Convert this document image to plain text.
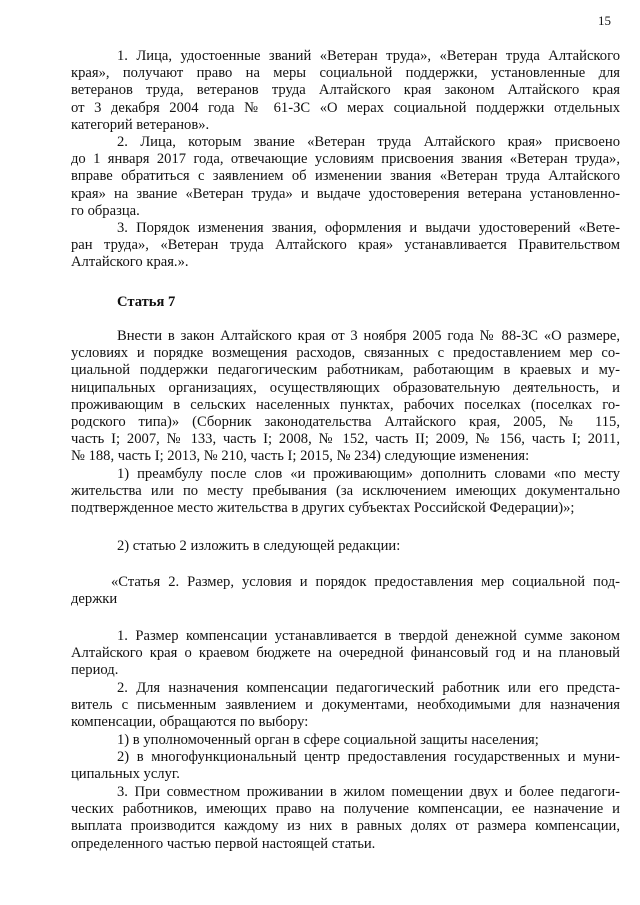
15
1. Лица, удостоенные званий «Ветеран труда», «Ветеран труда Алтайского
края», получают право на меры социальной поддержки, установленные для
ветеранов труда, ветеранов труда Алтайского края законом Алтайского края
от 3 декабря 2004 года № 61-ЗС «О мерах социальной поддержки отдельных
категорий ветеранов».
2. Лица, которым звание «Ветеран труда Алтайского края» присвоено
до 1 января 2017 года, отвечающие условиям присвоения звания «Ветеран труда»,
вправе обратиться с заявлением об изменении звания «Ветеран труда Алтайского
края» на звание «Ветеран труда» и выдаче удостоверения ветерана установленно-
го образца.
3. Порядок изменения звания, оформления и выдачи удостоверений «Вете-
ран труда», «Ветеран труда Алтайского края» устанавливается Правительством
Алтайского края.».
Статья 7
Внести в закон Алтайского края от 3 ноября 2005 года № 88-ЗС «О размере,
условиях и порядке возмещения расходов, связанных с предоставлением мер со-
циальной поддержки педагогическим работникам, работающим в краевых и му-
ниципальных организациях, осуществляющих образовательную деятельность, и
проживающим в сельских населенных пунктах, рабочих поселках (поселках го-
родского типа)» (Сборник законодательства Алтайского края, 2005, № 115,
часть I; 2007, № 133, часть I; 2008, № 152, часть II; 2009, № 156, часть I; 2011,
№ 188, часть I; 2013, № 210, часть I; 2015, № 234) следующие изменения:
1) преамбулу после слов «и проживающим» дополнить словами «по месту
жительства или по месту пребывания (за исключением имеющих документально
подтвержденное место жительства в других субъектах Российской Федерации)»;
2) статью 2 изложить в следующей редакции:
«Статья 2. Размер, условия и порядок предоставления мер социальной под-
держки
1. Размер компенсации устанавливается в твердой денежной сумме законом
Алтайского края о краевом бюджете на очередной финансовый год и на плановый
период.
2. Для назначения компенсации педагогический работник или его предста-
витель с письменным заявлением и документами, необходимыми для назначения
компенсации, обращаются по выбору:
1) в уполномоченный орган в сфере социальной защиты населения;
2) в многофункциональный центр предоставления государственных и муни-
ципальных услуг.
3. При совместном проживании в жилом помещении двух и более педагоги-
ческих работников, имеющих право на получение компенсации, ее назначение и
выплата производится каждому из них в равных долях от размера компенсации,
определенного частью первой настоящей статьи.
